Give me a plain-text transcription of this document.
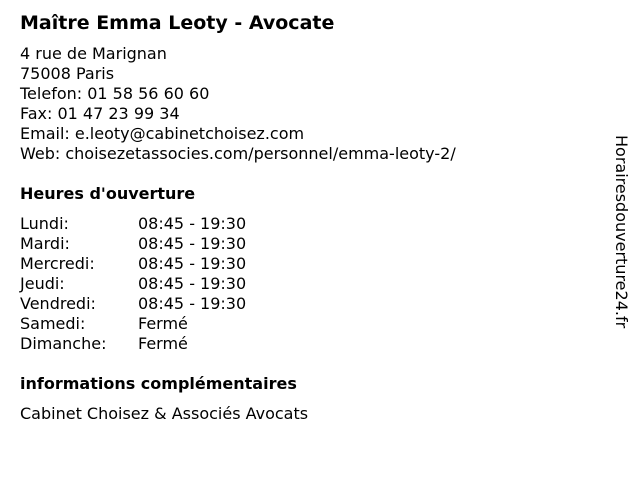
Maître Emma Leoty - Avocate
4 rue de Marignan
75008 Paris
Telefon: 01 58 56 60 60
Fax: 01 47 23 99 34
Email: e.leoty@cabinetchoisez.com
Web: choisezetassocies.com/personnel/emma-leoty-2/
Heures d'ouverture
Lundi:	08:45 - 19:30
Mardi:	08:45 - 19:30
Mercredi:	08:45 - 19:30
Jeudi:	08:45 - 19:30
Vendredi:	08:45 - 19:30
Samedi:	Fermé
Dimanche:	Fermé
informations complémentaires
Cabinet Choisez & Associés Avocats
Horairesdouverture24.fr
